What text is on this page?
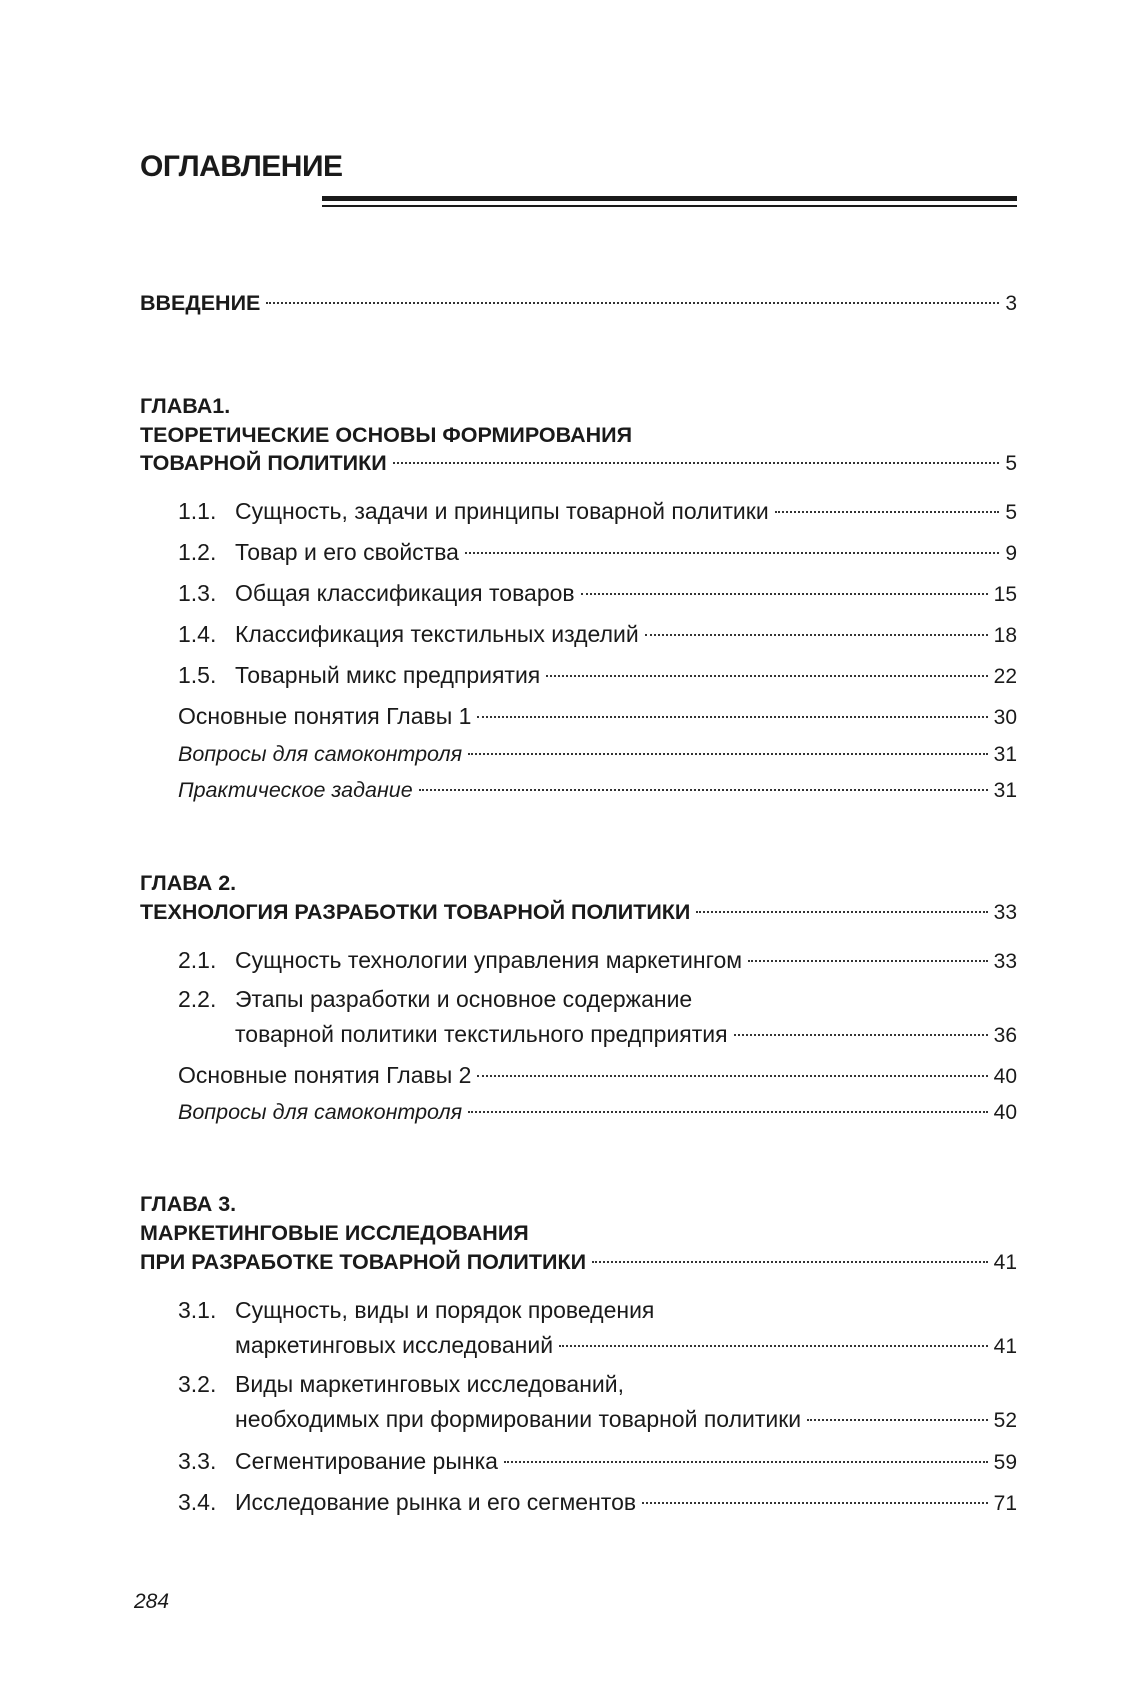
ОГЛАВЛЕНИЕ
ВВЕДЕНИЕ	3
ГЛАВА1.
ТЕОРЕТИЧЕСКИЕ ОСНОВЫ ФОРМИРОВАНИЯ
ТОВАРНОЙ ПОЛИТИКИ	5
1.1. Сущность, задачи и принципы товарной политики	5
1.2. Товар и его свойства	9
1.3. Общая классификация товаров	15
1.4. Классификация текстильных изделий	18
1.5. Товарный микс предприятия	22
Основные понятия Главы 1	30
Вопросы для самоконтроля	31
Практическое задание	31
ГЛАВА 2.
ТЕХНОЛОГИЯ РАЗРАБОТКИ ТОВАРНОЙ ПОЛИТИКИ	33
2.1. Сущность технологии управления маркетингом	33
2.2. Этапы разработки и основное содержание
товарной политики текстильного предприятия	36
Основные понятия Главы 2	40
Вопросы для самоконтроля	40
ГЛАВА 3.
МАРКЕТИНГОВЫЕ ИССЛЕДОВАНИЯ
ПРИ РАЗРАБОТКЕ ТОВАРНОЙ ПОЛИТИКИ	41
3.1. Сущность, виды и порядок проведения
маркетинговых исследований	41
3.2. Виды маркетинговых исследований,
необходимых при формировании товарной политики	52
3.3. Сегментирование рынка	59
3.4. Исследование рынка и его сегментов	71
284
